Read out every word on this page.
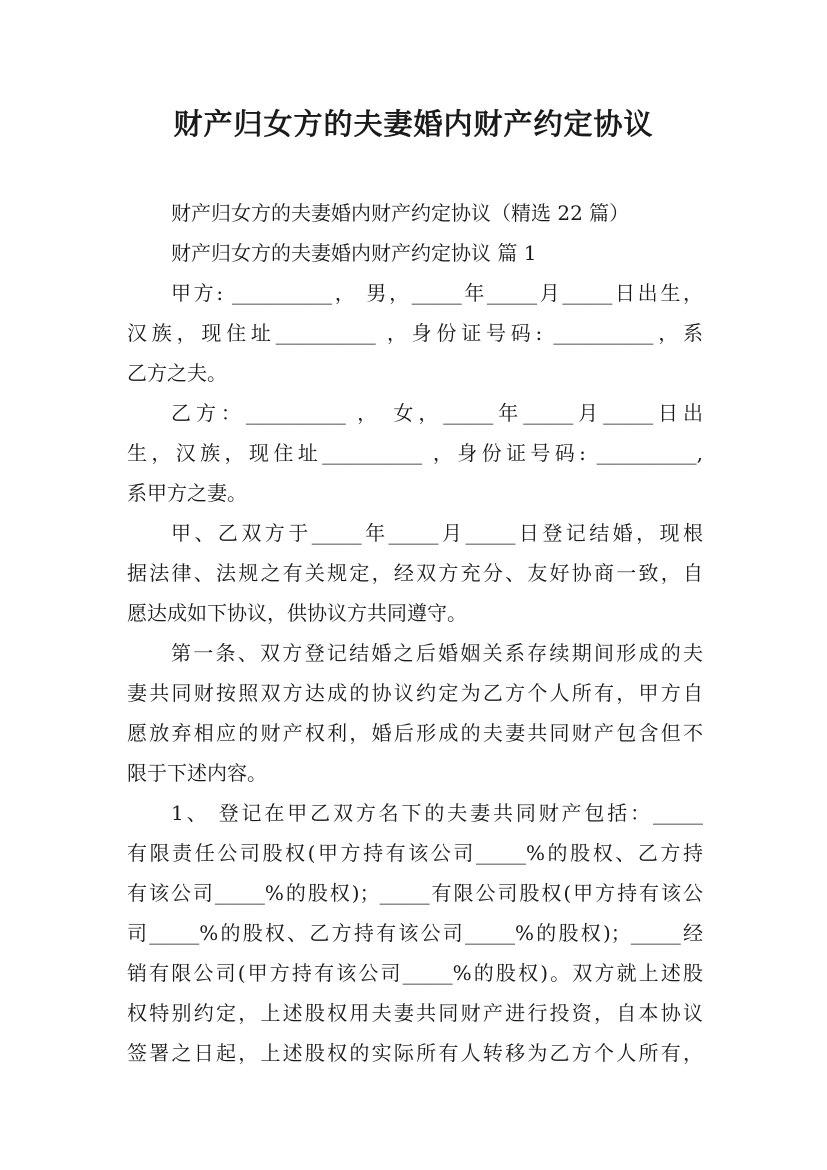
财产归女方的夫妻婚内财产约定协议
财产归女方的夫妻婚内财产约定协议（精选 22 篇）
财产归女方的夫妻婚内财产约定协议 篇 1
甲方: __________， 男，_____年_____月_____日出生，
汉族，现住址__________ ，身份证号码: __________，系
乙方之夫。
乙方：__________ ， 女，_____年_____月_____日出
生，汉族，现住址__________ ，身份证号码: __________,
系甲方之妻。
甲、乙双方于_____年_____月_____日登记结婚，现根
据法律、法规之有关规定，经双方充分、友好协商一致，自
愿达成如下协议，供协议方共同遵守。
第一条、双方登记结婚之后婚姻关系存续期间形成的夫
妻共同财按照双方达成的协议约定为乙方个人所有，甲方自
愿放弃相应的财产权利，婚后形成的夫妻共同财产包含但不
限于下述内容。
1、 登记在甲乙双方名下的夫妻共同财产包括：_____
有限责任公司股权(甲方持有该公司_____%的股权、乙方持
有该公司_____%的股权)；_____有限公司股权(甲方持有该公
司_____%的股权、乙方持有该公司_____%的股权)；_____经
销有限公司(甲方持有该公司_____%的股权)。双方就上述股
权特别约定，上述股权用夫妻共同财产进行投资，自本协议
签署之日起，上述股权的实际所有人转移为乙方个人所有，
